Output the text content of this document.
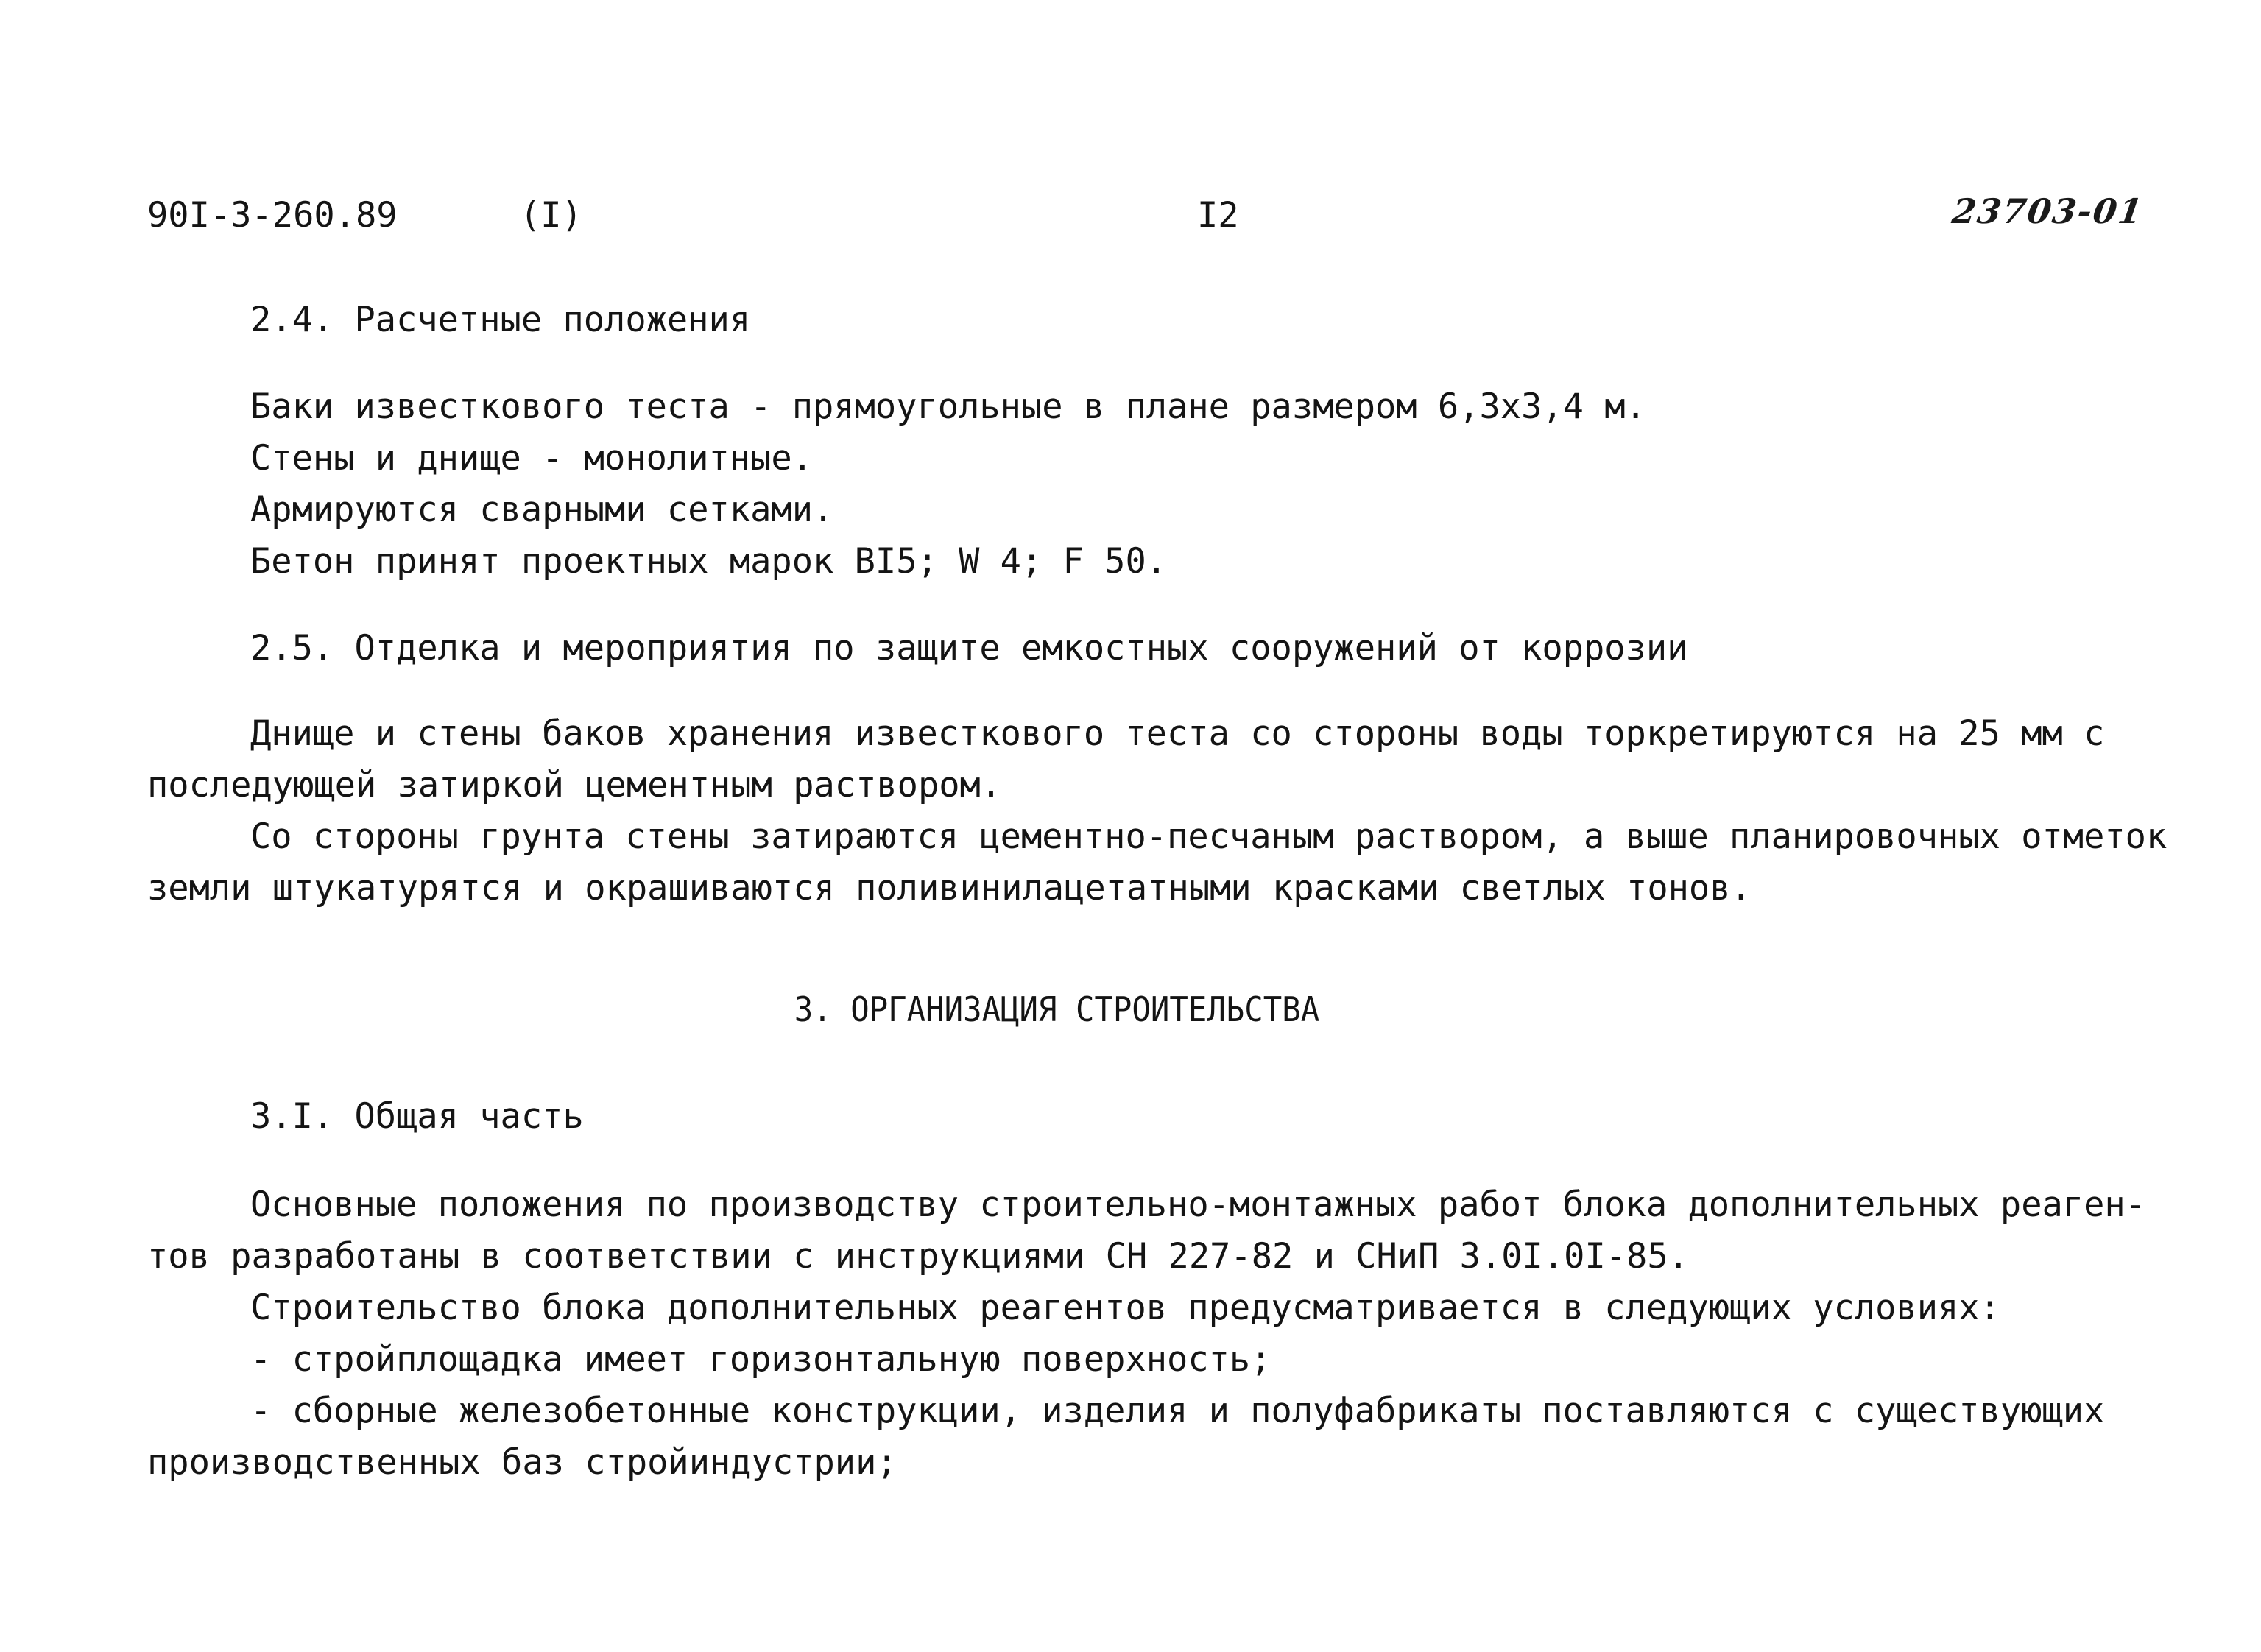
90I-3-260.89	(I)	I2	23703-01
2.4. Расчетные положения
Баки известкового теста - прямоугольные в плане размером 6,3х3,4 м.
Стены и днище - монолитные.
Армируются сварными сетками.
Бетон принят проектных марок ВI5; W 4; F 50.
2.5. Отделка и мероприятия по защите емкостных сооружений от коррозии
Днище и стены баков хранения известкового теста со стороны воды торкретируются на 25 мм с
последующей затиркой цементным раствором.
Со стороны грунта стены затираются цементно-песчаным раствором, а выше планировочных отметок
земли штукатурятся и окрашиваются поливинилацетатными красками светлых тонов.
3. ОРГАНИЗАЦИЯ СТРОИТЕЛЬСТВА
3.I. Общая часть
Основные положения по производству строительно-монтажных работ блока дополнительных реаген-
тов разработаны в соответствии с инструкциями СН 227-82 и СНиП 3.0I.0I-85.
Строительство блока дополнительных реагентов предусматривается в следующих условиях:
- стройплощадка имеет горизонтальную поверхность;
- сборные железобетонные конструкции, изделия и полуфабрикаты поставляются с существующих
производственных баз стройиндустрии;
